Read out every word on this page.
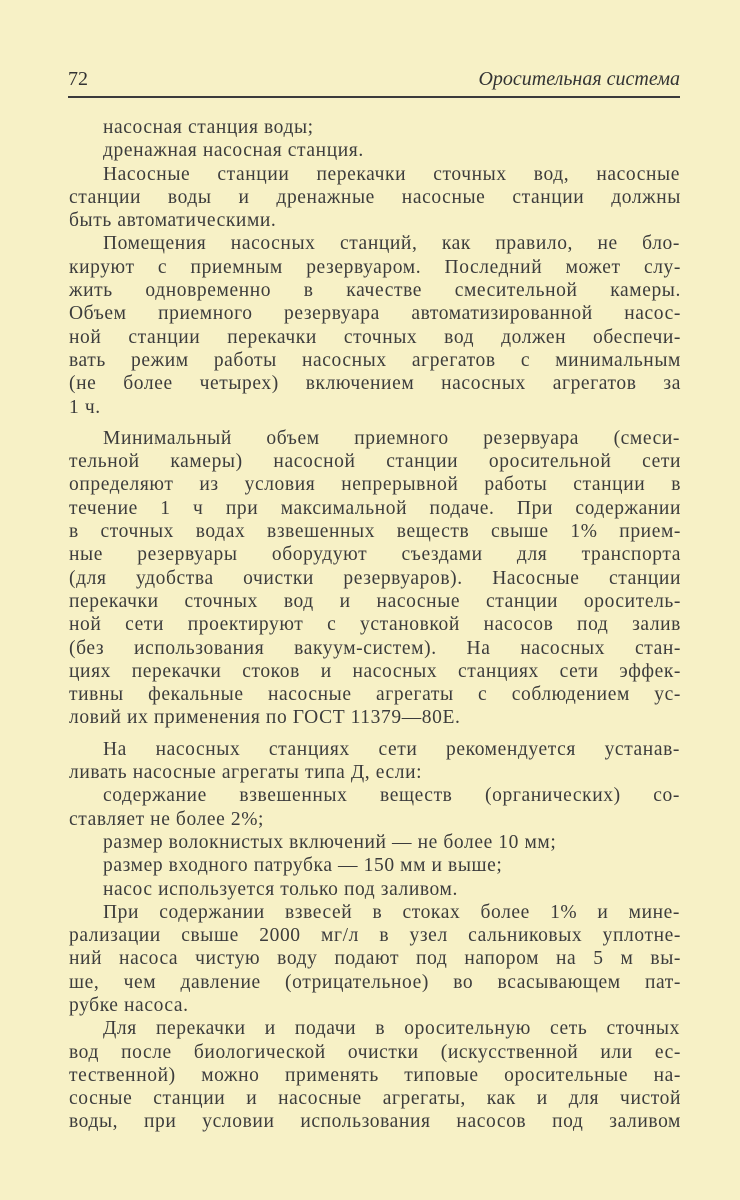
72	Оросительная система
насосная станция воды;
дренажная насосная станция.
Насосные станции перекачки сточных вод, насосные
станции воды и дренажные насосные станции должны
быть автоматическими.
Помещения насосных станций, как правило, не бло-
кируют с приемным резервуаром. Последний может слу-
жить одновременно в качестве смесительной камеры.
Объем приемного резервуара автоматизированной насос-
ной станции перекачки сточных вод должен обеспечи-
вать режим работы насосных агрегатов с минимальным
(не более четырех) включением насосных агрегатов за
1 ч.
Минимальный объем приемного резервуара (смеси-
тельной камеры) насосной станции оросительной сети
определяют из условия непрерывной работы станции в
течение 1 ч при максимальной подаче. При содержании
в сточных водах взвешенных веществ свыше 1% прием-
ные резервуары оборудуют съездами для транспорта
(для удобства очистки резервуаров). Насосные станции
перекачки сточных вод и насосные станции ороситель-
ной сети проектируют с установкой насосов под залив
(без использования вакуум-систем). На насосных стан-
циях перекачки стоков и насосных станциях сети эффек-
тивны фекальные насосные агрегаты с соблюдением ус-
ловий их применения по ГОСТ 11379—80Е.
На насосных станциях сети рекомендуется устанав-
ливать насосные агрегаты типа Д, если:
содержание взвешенных веществ (органических) со-
ставляет не более 2%;
размер волокнистых включений — не более 10 мм;
размер входного патрубка — 150 мм и выше;
насос используется только под заливом.
При содержании взвесей в стоках более 1% и мине-
рализации свыше 2000 мг/л в узел сальниковых уплотне-
ний насоса чистую воду подают под напором на 5 м вы-
ше, чем давление (отрицательное) во всасывающем пат-
рубке насоса.
Для перекачки и подачи в оросительную сеть сточных
вод после биологической очистки (искусственной или ес-
тественной) можно применять типовые оросительные на-
сосные станции и насосные агрегаты, как и для чистой
воды, при условии использования насосов под заливом
